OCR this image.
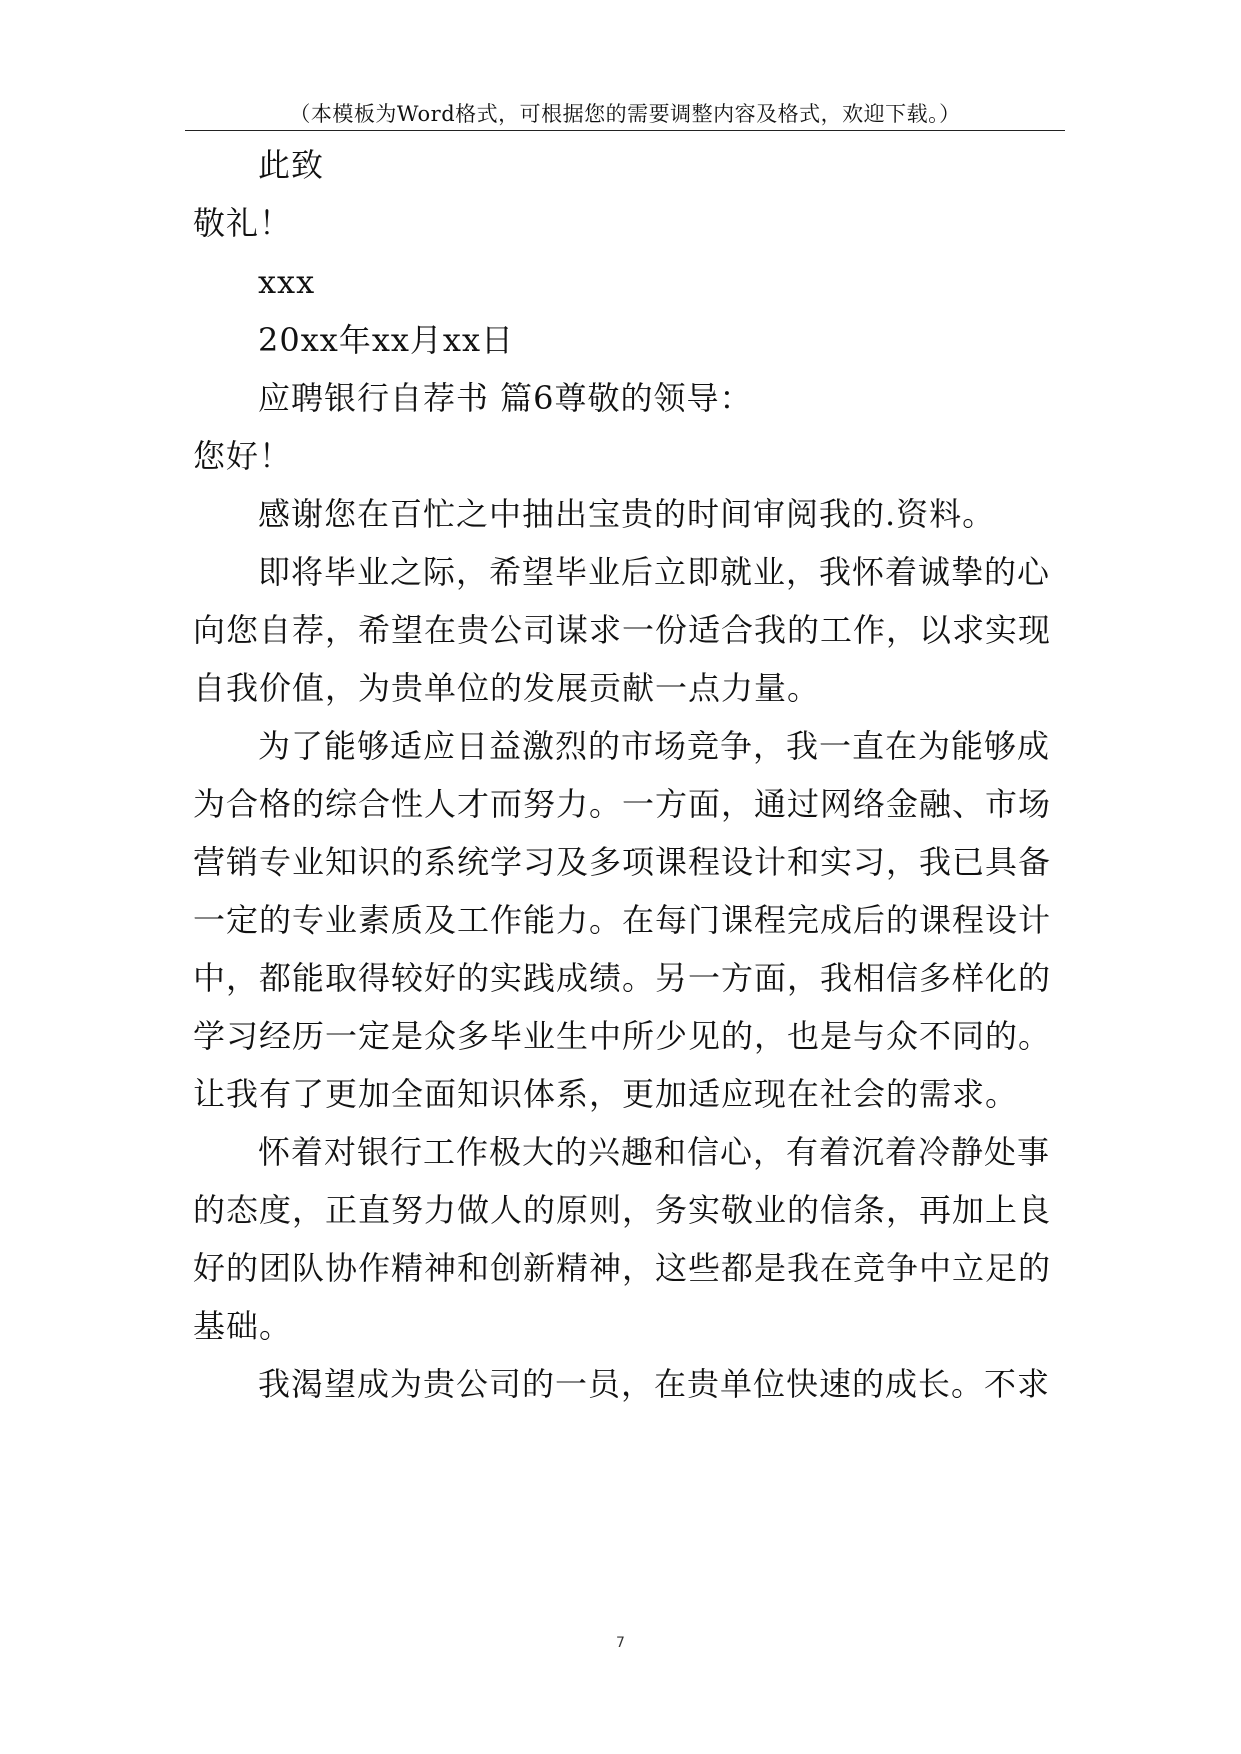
（本模板为Word格式，可根据您的需要调整内容及格式，欢迎下载。）
此致
敬礼！
xxx
20xx年xx月xx日
应聘银行自荐书 篇6尊敬的领导：
您好！
感谢您在百忙之中抽出宝贵的时间审阅我的.资料。
即将毕业之际，希望毕业后立即就业，我怀着诚挚的心
向您自荐，希望在贵公司谋求一份适合我的工作，以求实现
自我价值，为贵单位的发展贡献一点力量。
为了能够适应日益激烈的市场竞争，我一直在为能够成
为合格的综合性人才而努力。一方面，通过网络金融、市场
营销专业知识的系统学习及多项课程设计和实习，我已具备
一定的专业素质及工作能力。在每门课程完成后的课程设计
中，都能取得较好的实践成绩。另一方面，我相信多样化的
学习经历一定是众多毕业生中所少见的，也是与众不同的。
让我有了更加全面知识体系，更加适应现在社会的需求。
怀着对银行工作极大的兴趣和信心，有着沉着冷静处事
的态度，正直努力做人的原则，务实敬业的信条，再加上良
好的团队协作精神和创新精神，这些都是我在竞争中立足的
基础。
我渴望成为贵公司的一员，在贵单位快速的成长。不求
7
